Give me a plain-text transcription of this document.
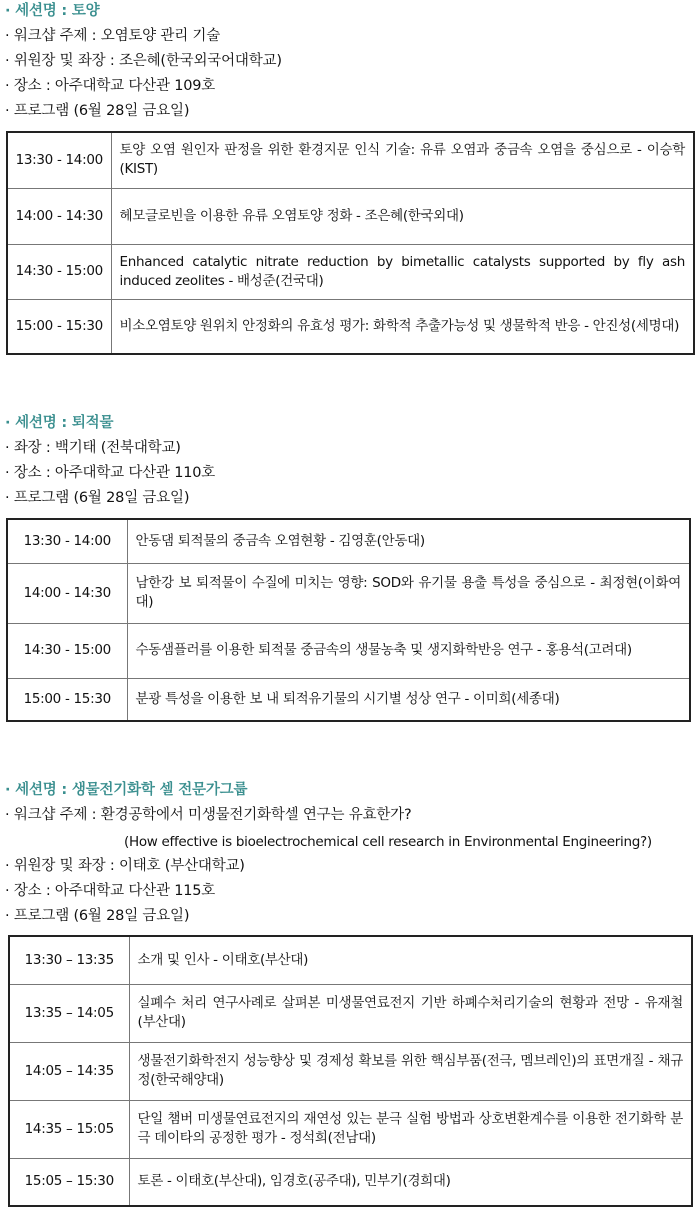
· 세션명 : 토양
· 워크샵 주제 : 오염토양 관리 기술
· 위원장 및 좌장 : 조은혜(한국외국어대학교)
· 장소 : 아주대학교 다산관 109호
· 프로그램 (6월 28일 금요일)
13:30 - 14:00	토양 오염 원인자 판정을 위한 환경지문 인식 기술: 유류 오염과 중금속 오염을 중심으로 - 이승학(KIST)
14:00 - 14:30	헤모글로빈을 이용한 유류 오염토양 정화 - 조은혜(한국외대)
14:30 - 15:00	Enhanced catalytic nitrate reduction by bimetallic catalysts supported by fly ash induced zeolites - 배성준(건국대)
15:00 - 15:30	비소오염토양 원위치 안정화의 유효성 평가: 화학적 추출가능성 및 생물학적 반응 - 안진성(세명대)
· 세션명 : 퇴적물
· 좌장 : 백기태 (전북대학교)
· 장소 : 아주대학교 다산관 110호
· 프로그램 (6월 28일 금요일)
13:30 - 14:00	안동댐 퇴적물의 중금속 오염현황 - 김영훈(안동대)
14:00 - 14:30	남한강 보 퇴적물이 수질에 미치는 영향: SOD와 유기물 용출 특성을 중심으로 - 최정현(이화여대)
14:30 - 15:00	수동샘플러를 이용한 퇴적물 중금속의 생물농축 및 생지화학반응 연구 - 홍용석(고려대)
15:00 - 15:30	분광 특성을 이용한 보 내 퇴적유기물의 시기별 성상 연구 - 이미희(세종대)
· 세션명 : 생물전기화학 셀 전문가그룹
· 워크샵 주제 : 환경공학에서 미생물전기화학셀 연구는 유효한가?
(How effective is bioelectrochemical cell research in Environmental Engineering?)
· 위원장 및 좌장 : 이태호 (부산대학교)
· 장소 : 아주대학교 다산관 115호
· 프로그램 (6월 28일 금요일)
13:30 – 13:35	소개 및 인사 - 이태호(부산대)
13:35 – 14:05	실폐수 처리 연구사례로 살펴본 미생물연료전지 기반 하폐수처리기술의 현황과 전망 - 유재철(부산대)
14:05 – 14:35	생물전기화학전지 성능향상 및 경제성 확보를 위한 핵심부품(전극, 멤브레인)의 표면개질 - 채규정(한국해양대)
14:35 – 15:05	단일 챔버 미생물연료전지의 재연성 있는 분극 실험 방법과 상호변환계수를 이용한 전기화학 분극 데이타의 공정한 평가 - 정석희(전남대)
15:05 – 15:30	토론 - 이태호(부산대), 임경호(공주대), 민부기(경희대)
